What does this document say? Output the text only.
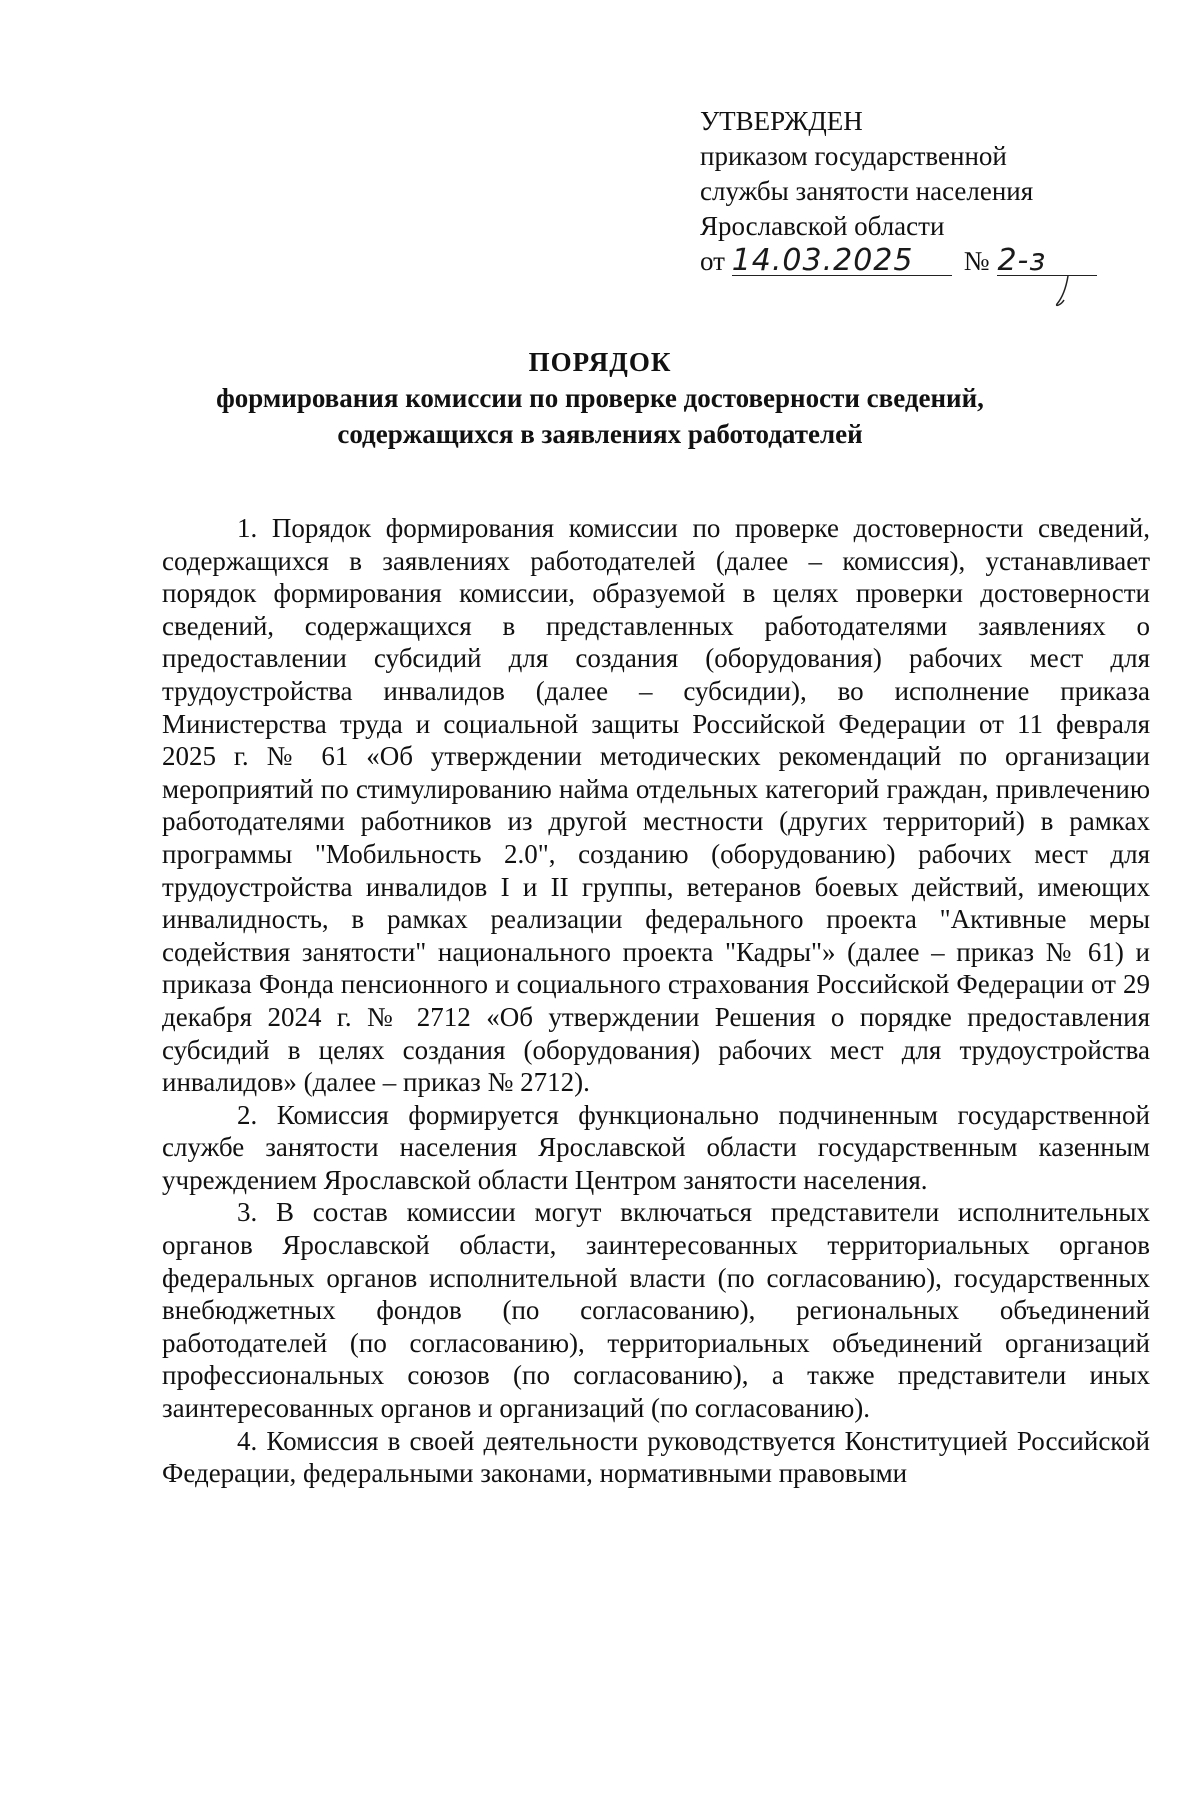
УТВЕРЖДЕН
приказом государственной
службы занятости населения
Ярославской области
от 14.03.2025 № 2-з
ПОРЯДОК
формирования комиссии по проверке достоверности сведений,
содержащихся в заявлениях работодателей

1. Порядок формирования комиссии по проверке достоверности сведений, содержащихся в заявлениях работодателей (далее – комиссия), устанавливает порядок формирования комиссии, образуемой в целях проверки достоверности сведений, содержащихся в представленных работодателями заявлениях о предоставлении субсидий для создания (оборудования) рабочих мест для трудоустройства инвалидов (далее – субсидии), во исполнение приказа Министерства труда и социальной защиты Российской Федерации от 11 февраля 2025 г. № 61 «Об утверждении методических рекомендаций по организации мероприятий по стимулированию найма отдельных категорий граждан, привлечению работодателями работников из другой местности (других территорий) в рамках программы "Мобильность 2.0", созданию (оборудованию) рабочих мест для трудоустройства инвалидов I и II группы, ветеранов боевых действий, имеющих инвалидность, в рамках реализации федерального проекта "Активные меры содействия занятости" национального проекта "Кадры"» (далее – приказ № 61) и приказа Фонда пенсионного и социального страхования Российской Федерации от 29 декабря 2024 г. № 2712 «Об утверждении Решения о порядке предоставления субсидий в целях создания (оборудования) рабочих мест для трудоустройства инвалидов» (далее – приказ № 2712).

2. Комиссия формируется функционально подчиненным государственной службе занятости населения Ярославской области государственным казенным учреждением Ярославской области Центром занятости населения.

3. В состав комиссии могут включаться представители исполнительных органов Ярославской области, заинтересованных территориальных органов федеральных органов исполнительной власти (по согласованию), государственных внебюджетных фондов (по согласованию), региональных объединений работодателей (по согласованию), территориальных объединений организаций профессиональных союзов (по согласованию), а также представители иных заинтересованных органов и организаций (по согласованию).

4. Комиссия в своей деятельности руководствуется Конституцией Российской Федерации, федеральными законами, нормативными правовыми
